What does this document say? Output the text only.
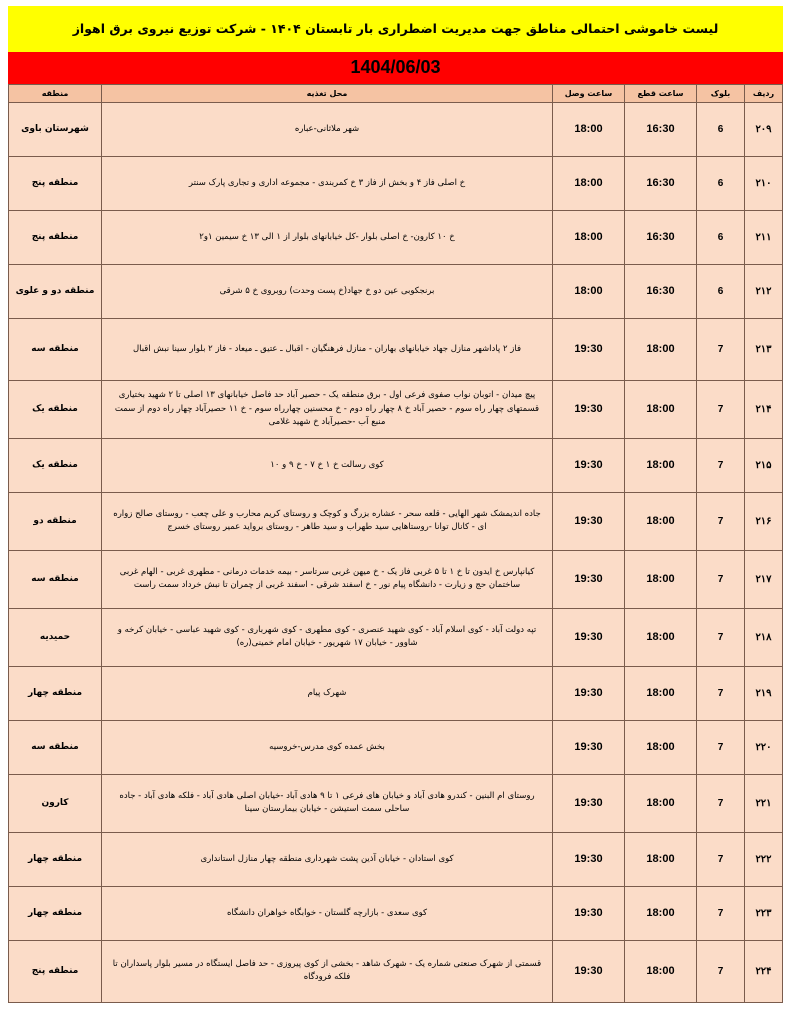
لیست خاموشی احتمالی مناطق جهت مدیریت اضطراری بار تابستان ۱۴۰۴ - شرکت توزیع نیروی برق اهواز
1404/06/03
ردیف	بلوک	ساعت قطع	ساعت وصل	محل تغذیه	منطقه
۲۰۹	6	16:30	18:00	شهر ملاثانی-عباره	شهرستان باوی
۲۱۰	6	16:30	18:00	خ اصلی فاز ۴ و بخش از فاز ۳ خ کمربندی - مجموعه اداری و تجاری پارک سنتر	منطقه پنج
۲۱۱	6	16:30	18:00	خ ۱۰ کارون- خ اصلی بلوار -کل خیابانهای بلوار از ۱ الی ۱۳ خ سیمین ۱و۲	منطقه پنج
۲۱۲	6	16:30	18:00	برنجکوبی عین دو خ جهاد(خ پست وحدت) روبروی خ ۵ شرقی	منطقه دو و علوی
۲۱۳	7	18:00	19:30	فاز ۲ پاداشهر منازل جهاد خیابانهای بهاران - منازل فرهنگیان - اقبال ـ عتیق ـ میعاد - فاز ۲ بلوار سینا نبش اقبال	منطقه سه
۲۱۴	7	18:00	19:30	پیچ میدان - اتوبان نواب صفوی فرعی اول - برق منطقه یک - حصیر آباد حد فاصل خیابانهای ۱۳ اصلی تا ۲ شهید بختیاری قسمتهای چهار راه سوم - حصیر آباد خ ۸ چهار راه دوم - خ محسنین چهارراه سوم - خ ۱۱ حصیرآباد چهار راه دوم از سمت منبع آب -حصیرآباد خ شهید غلامی	منطقه یک
۲۱۵	7	18:00	19:30	کوی رسالت خ ۱ خ ۷ - خ ۹ و ۱۰	منطقه یک
۲۱۶	7	18:00	19:30	جاده اندیمشک شهر الهایی - قلعه سحر - عشاره بزرگ و کوچک و روستای کریم محارب و علی چعب - روستای صالح زواره ای - کانال توانا -روستاهایی سید طهراب و سید طاهر - روستای برواید عمیر روستای خسرج	منطقه دو
۲۱۷	7	18:00	19:30	کیانپارس خ ایدون تا خ ۱ تا ۵ غربی فاز یک - خ میهن غربی سرتاسر - بیمه خدمات درمانی - مطهری غربی - الهام غربی ساختمان حج و زیارت - دانشگاه پیام نور - خ اسفند شرقی - اسفند غربی از چمران تا نبش خرداد سمت راست	منطقه سه
۲۱۸	7	18:00	19:30	تپه دولت آباد - کوی اسلام آباد - کوی شهید عنصری - کوی مطهری - کوی شهرباری - کوی شهید عباسی - خیابان کرخه و شاوور - خیابان ۱۷ شهریور - خیابان امام خمینی(ره)	حمیدیه
۲۱۹	7	18:00	19:30	شهرک پیام	منطقه چهار
۲۲۰	7	18:00	19:30	بخش عمده کوی مدرس-خروسیه	منطقه سه
۲۲۱	7	18:00	19:30	روستای ام البنین - کندرو هادی آباد و خیابان های فرعی ۱ تا ۹ هادی آباد -خیابان اصلی هادی آباد - فلکه هادی آباد - جاده ساحلی سمت استیشن - خیابان بیمارستان سینا	کارون
۲۲۲	7	18:00	19:30	کوی استادان - خیابان آذین پشت شهرداری منطقه چهار منازل استانداری	منطقه چهار
۲۲۳	7	18:00	19:30	کوی سعدی - بازارچه گلستان - خوابگاه خواهران دانشگاه	منطقه چهار
۲۲۴	7	18:00	19:30	قسمتی از شهرک صنعتی شماره یک - شهرک شاهد - بخشی از کوی پیروزی - حد فاصل ایستگاه در مسیر بلوار پاسداران تا فلکه فرودگاه	منطقه پنج
